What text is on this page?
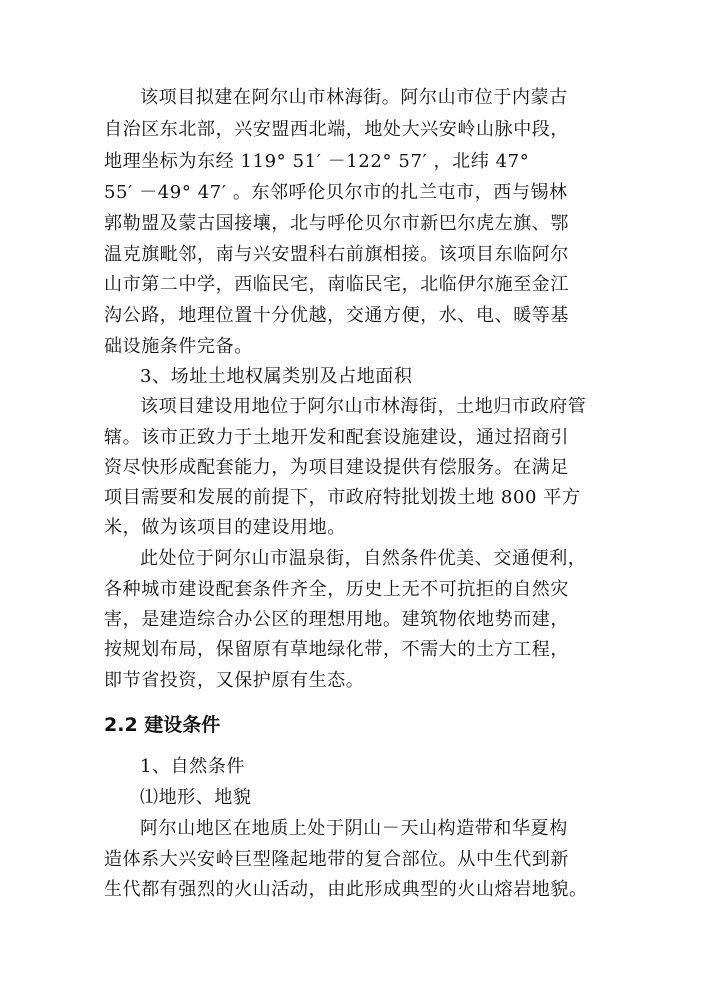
该项目拟建在阿尔山市林海街。阿尔山市位于内蒙古
自治区东北部，兴安盟西北端，地处大兴安岭山脉中段，
地理坐标为东经 119° 51′ －122° 57′ ，北纬 47°
55′ －49° 47′ 。东邻呼伦贝尔市的扎兰屯市，西与锡林
郭勒盟及蒙古国接壤，北与呼伦贝尔市新巴尔虎左旗、鄂
温克旗毗邻，南与兴安盟科右前旗相接。该项目东临阿尔
山市第二中学，西临民宅，南临民宅，北临伊尔施至金江
沟公路，地理位置十分优越，交通方便，水、电、暖等基
础设施条件完备。
3、场址土地权属类别及占地面积
该项目建设用地位于阿尔山市林海街，土地归市政府管
辖。该市正致力于土地开发和配套设施建设，通过招商引
资尽快形成配套能力，为项目建设提供有偿服务。在满足
项目需要和发展的前提下，市政府特批划拨土地 800 平方
米，做为该项目的建设用地。
此处位于阿尔山市温泉街，自然条件优美、交通便利，
各种城市建设配套条件齐全，历史上无不可抗拒的自然灾
害，是建造综合办公区的理想用地。建筑物依地势而建，
按规划布局，保留原有草地绿化带，不需大的土方工程，
即节省投资，又保护原有生态。
2.2 建设条件
1、自然条件
⑴地形、地貌
阿尔山地区在地质上处于阴山－天山构造带和华夏构
造体系大兴安岭巨型隆起地带的复合部位。从中生代到新
生代都有强烈的火山活动，由此形成典型的火山熔岩地貌。
